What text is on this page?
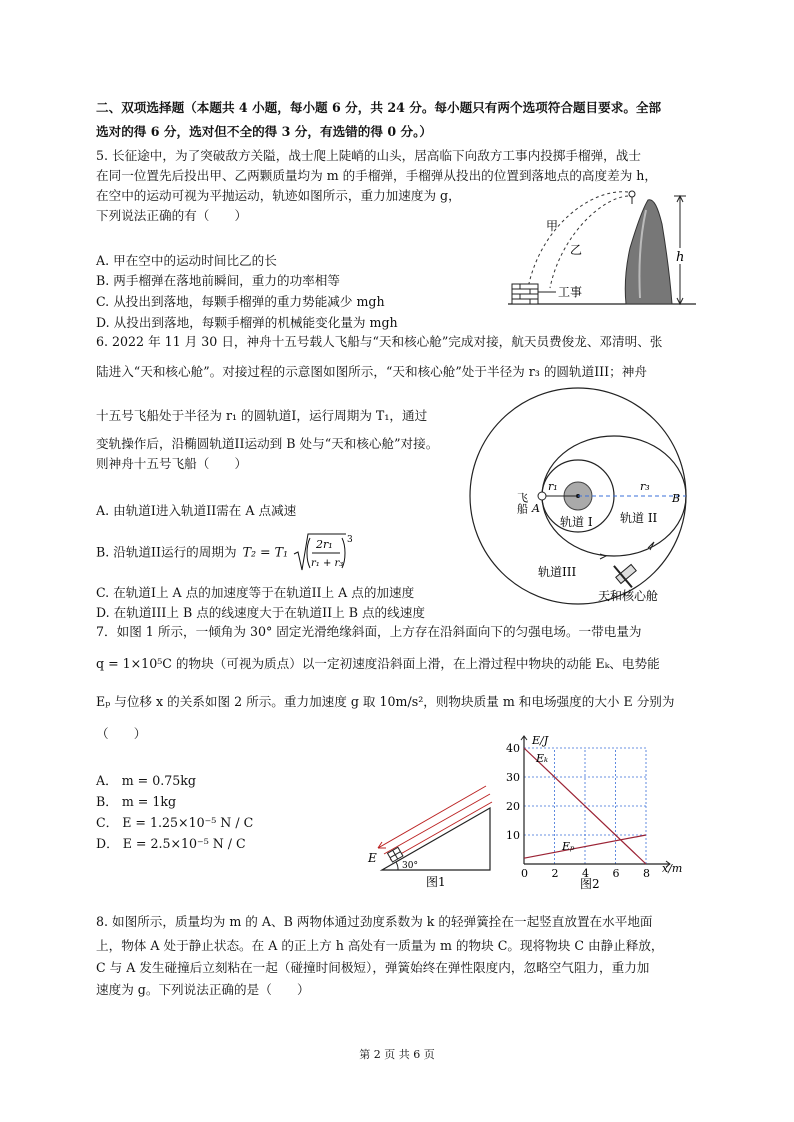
二、双项选择题（本题共 4 小题，每小题 6 分，共 24 分。每小题只有两个选项符合题目要求。全部
选对的得 6 分，选对但不全的得 3 分，有选错的得 0 分。）
5. 长征途中，为了突破敌方关隘，战士爬上陡峭的山头，居高临下向敌方工事内投掷手榴弹，战士
在同一位置先后投出甲、乙两颗质量均为 m 的手榴弹，手榴弹从投出的位置到落地点的高度差为 h，
在空中的运动可视为平抛运动，轨迹如图所示，重力加速度为 g，
下列说法正确的有（　　）
A. 甲在空中的运动时间比乙的长
B. 两手榴弹在落地前瞬间，重力的功率相等
C. 从投出到落地，每颗手榴弹的重力势能减少 mgh
D. 从投出到落地，每颗手榴弹的机械能变化量为 mgh
工事
甲
乙	h
6. 2022 年 11 月 30 日，神舟十五号载人飞船与“天和核心舱”完成对接，航天员费俊龙、邓清明、张
陆进入“天和核心舱”。对接过程的示意图如图所示，“天和核心舱”处于半径为 r₃ 的圆轨道III；神舟
十五号飞船处于半径为 r₁ 的圆轨道I，运行周期为 T₁，通过
变轨操作后，沿椭圆轨道II运动到 B 处与“天和核心舱”对接。
则神舟十五号飞船（　　）
A. 由轨道I进入轨道II需在 A 点减速
B. 沿轨道II运行的周期为 T₂ = T₁	2r₁
r₁ + r₃
3
C. 在轨道I上 A 点的加速度等于在轨道II上 A 点的加速度
D. 在轨道III上 B 点的线速度大于在轨道II上 B 点的线速度
r₁	r₃
A
B
飞船
轨道 I 轨道 II
轨道III
天和核心舱
7．如图 1 所示，一倾角为 30° 固定光滑绝缘斜面，上方存在沿斜面向下的匀强电场。一带电量为
q = 1×10⁵C 的物块（可视为质点）以一定初速度沿斜面上滑，在上滑过程中物块的动能 Eₖ、电势能
Eₚ 与位移 x 的关系如图 2 所示。重力加速度 g 取 10m/s²，则物块质量 m 和电场强度的大小 E 分别为
（　　）
A． m = 0.75kg
B． m = 1kg
C． E = 1.25×10⁻⁵ N / C
D． E = 2.5×10⁻⁵ N / C
E
30°
图1
0 2 4 6 8
40
30
20
10
E/J
x/m
Eₖ
Eₚ
图2
8. 如图所示，质量均为 m 的 A、B 两物体通过劲度系数为 k 的轻弹簧拴在一起竖直放置在水平地面
上，物体 A 处于静止状态。在 A 的正上方 h 高处有一质量为 m 的物块 C。现将物块 C 由静止释放，
C 与 A 发生碰撞后立刻粘在一起（碰撞时间极短），弹簧始终在弹性限度内，忽略空气阻力，重力加
速度为 g。下列说法正确的是（　　）
第 2 页 共 6 页
